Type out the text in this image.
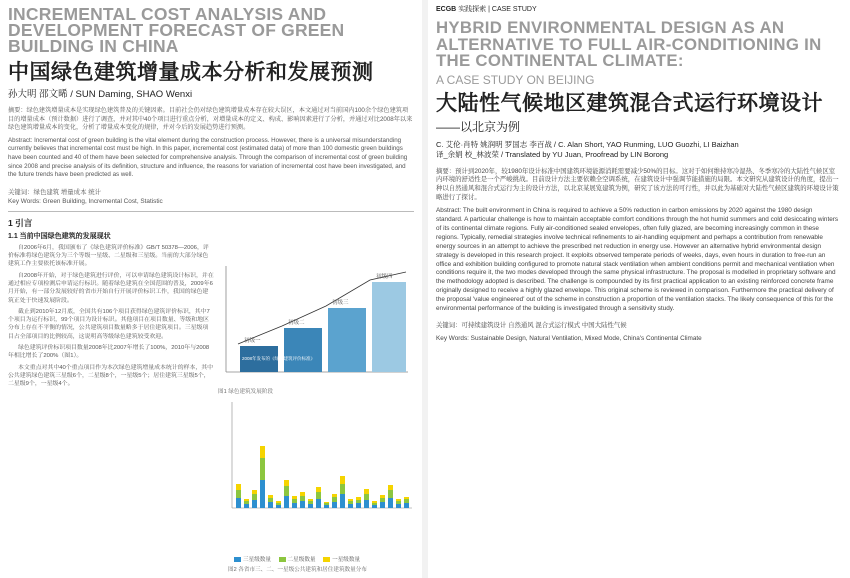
INCREMENTAL COST ANALYSIS AND DEVELOPMENT FORECAST OF GREEN BUILDING IN CHINA
中国绿色建筑增量成本分析和发展预测
孙大明 邵文晞 / SUN Daming, SHAO Wenxi

摘要：绿色建筑增量成本是实现绿色建筑普及的关键因素。目前社会仍对绿色建筑增量成本存在较大误区，本文通过对当前国内100余个绿色建筑项目的增量成本（预计数据）进行了调查，并对其中40个项目进行重点分析，对增量成本的定义、构成、影响因素进行了分析，并通过对比2008年以来绿色建筑增量成本的变化，分析了增量成本变化的规律，并对今后的发展趋势进行预测。

Abstract: Incremental cost of green building is the vital element during the construction process. However, there is a universal misunderstanding currently believes that incremental cost must be high. In this paper, incremental cost (estimated data) of more than 100 domestic green buildings have been counted and 40 of them have been selected for comprehensive analysis. Through the comparison of incremental cost of green building since 2008 and precise analysis of its definition, structure and influence, the reasons for variation of incremental cost have been investigated, and the future trends have been predicted as well.

关键词：绿色建筑 增量成本 统计

Key Words: Green Building, Incremental Cost, Statistic

1 引言
1.1 当前中国绿色建筑的发展现状

自2006年6月，我国颁布了《绿色建筑评价标准》GB/T 50378—2006，评价标准将绿色建筑分为三个等级一星级、二星级和三星级。当前的大部分绿色建筑工作主要依托该标准开展。

自2008年开始，对于绿色建筑进行评价，可以申请绿色建筑设计标识，并在通过相应专项检测后申请运行标识。随着绿色建筑在全国范围的普及，2009年6月开始，有一部分发展较好的省市开始自行开展评价标识工作，我国的绿色建筑正处于快速发展阶段。

截止到2010年12月底，全国共有106个项目获得绿色建筑评价标识，其中7个项目为运行标识，99个项目为设计标识。其他项目在项目数量、等级和地区分布上存在不平衡的情况，公共建筑项目数量略多于居住建筑项目。三星级项目占全部项目的比例较高，这说明高等级绿色建筑较受欢迎。

绿色建筑评价标识项目数量2008年比2007年增长了100%，2010年与2008年相比增长了200%（图1）。

本文重点对其中40个重点项目作为本次绿色建筑增量成本统计的样本，其中公共建筑绿色建筑三星级6个，二星级8个，一星级5个；居住建筑三星级5个，二星级9个，一星级4个。

初级一
初级二
初级三
初级四
2008年发布的《绿色建筑评价标准》
图1 绿色建筑发展阶段
三星级数量	二星级数量	一星级数量
图2 各省市三、二、一星级公共建筑和居住建筑数量分布
ECGB 实践探索 | CASE STUDY
HYBRID ENVIRONMENTAL DESIGN AS AN ALTERNATIVE TO FULL AIR-CONDITIONING IN THE CONTINENTAL CLIMATE:
A CASE STUDY ON BEIJING
大陆性气候地区建筑混合式运行环境设计
——以北京为例
C. 艾伦·肖特 姚润明 罗国志 李百战 / C. Alan Short, YAO Runming, LUO Guozhi, LI Baizhan
译_余娟 校_林波荣 / Translated by YU Juan, Proofread by LIN Borong

摘要：预计到2020年，较1980年设计标准中国建筑环境能源消耗需要减少50%的目标。这对于如何维持寒冷湿热、冬季寒冷的大陆性气候区室内环境的舒适性是一个严峻挑战。目前设计方法主要依赖全空调系统，在建筑设计中强调节能措施的局限。本文研究从建筑设计的角度，提出一种以自然通风和混合式运行为主的设计方法，以北京某展览建筑为例，研究了该方法的可行性，并以此为基础对大陆性气候区建筑的环境设计策略进行了探讨。

Abstract: The built environment in China is required to achieve a 50% reduction in carbon emissions by 2020 against the 1980 design standard. A particular challenge is how to maintain acceptable comfort conditions through the hot humid summers and cold desiccating winters of its continental climate regions. Fully air-conditioned sealed envelopes, often fully glazed, are becoming increasingly common in these regions. Typically, remedial strategies involve technical refinements to air-handling equipment and perhaps a contribution from renewable energy sources in an attempt to achieve the prescribed net reduction in energy use. However an alternative hybrid environmental design strategy is developed in this research project. It exploits observed temperate periods of weeks, days, even hours in duration to free-run an office and exhibition building configured to promote natural stack ventilation when ambient conditions permit and mechanical ventilation when conditions require it, the two modes developed through the same physical infrastructure. The proposal is modelled in proprietary software and the methodology adopted is described. The challenge is compounded by its first practical application to an existing reinforced concrete frame originally designed to receive a highly glazed envelope. This original scheme is reviewed in comparison. Furthermore the practical delivery of the proposal 'value engineered' out of the scheme in construction a proportion of the ventilation stacks. The likely consequence of this for the environmental performance of the building is investigated through a sensitivity study.

关键词：可持续建筑设计 自然通风 混合式运行模式 中国大陆性气候

Key Words: Sustainable Design, Natural Ventilation, Mixed Mode, China's Continental Climate
